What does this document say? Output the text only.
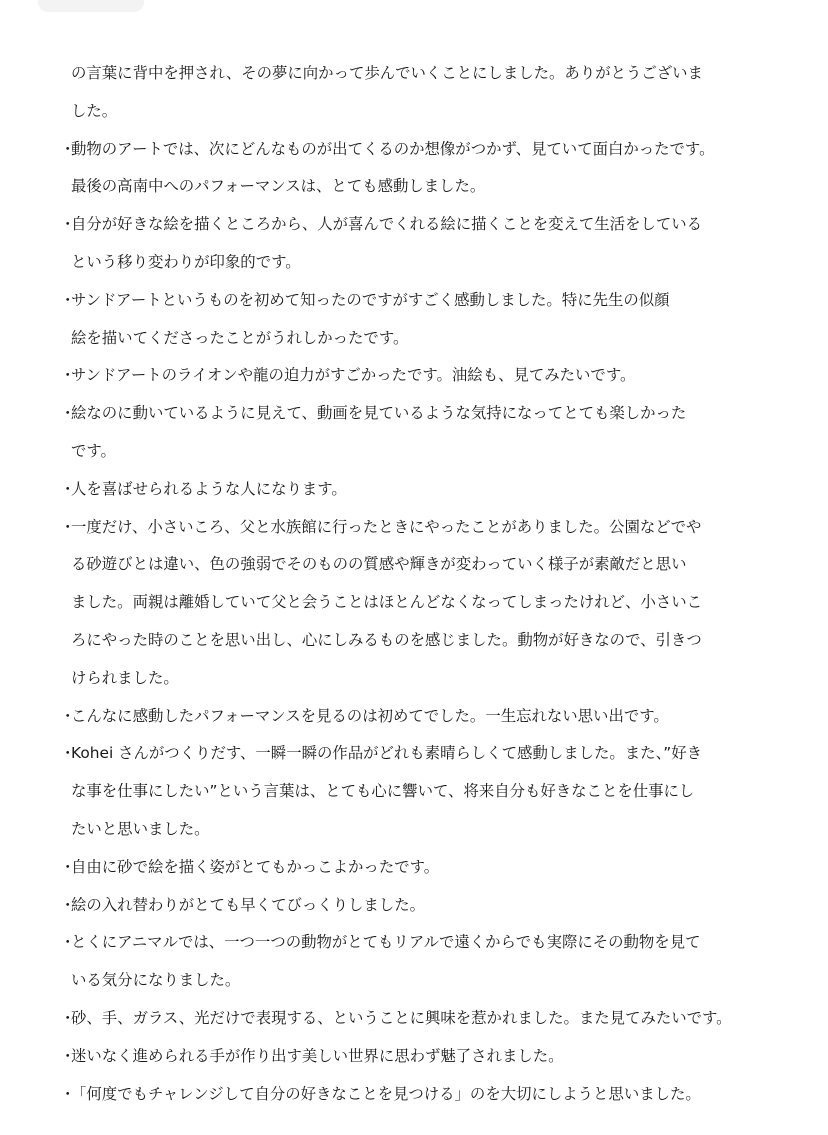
の言葉に背中を押され、その夢に向かって歩んでいくことにしました。ありがとうございま
した。
・
動物のアートでは、次にどんなものが出てくるのか想像がつかず、見ていて面白かったです。
最後の高南中へのパフォーマンスは、とても感動しました。
・
自分が好きな絵を描くところから、人が喜んでくれる絵に描くことを変えて生活をしている
という移り変わりが印象的です。
・
サンドアートというものを初めて知ったのですがすごく感動しました。特に先生の似顔
絵を描いてくださったことがうれしかったです。
・
サンドアートのライオンや龍の迫力がすごかったです。油絵も、見てみたいです。
・
絵なのに動いているように見えて、動画を見ているような気持になってとても楽しかった
です。
・
人を喜ばせられるような人になります。
・
一度だけ、小さいころ、父と水族館に行ったときにやったことがありました。公園などでや
る砂遊びとは違い、色の強弱でそのものの質感や輝きが変わっていく様子が素敵だと思い
ました。両親は離婚していて父と会うことはほとんどなくなってしまったけれど、小さいこ
ろにやった時のことを思い出し、心にしみるものを感じました。動物が好きなので、引きつ
けられました。
・
こんなに感動したパフォーマンスを見るのは初めてでした。一生忘れない思い出です。
・
Kohei さんがつくりだす、一瞬一瞬の作品がどれも素晴らしくて感動しました。また、”好き
な事を仕事にしたい”という言葉は、とても心に響いて、将来自分も好きなことを仕事にし
たいと思いました。
・
自由に砂で絵を描く姿がとてもかっこよかったです。
・
絵の入れ替わりがとても早くてびっくりしました。
・
とくにアニマルでは、一つ一つの動物がとてもリアルで遠くからでも実際にその動物を見て
いる気分になりました。
・
砂、手、ガラス、光だけで表現する、ということに興味を惹かれました。また見てみたいです。
・
迷いなく進められる手が作り出す美しい世界に思わず魅了されました。
・
「何度でもチャレンジして自分の好きなことを見つける」のを大切にしようと思いました。
